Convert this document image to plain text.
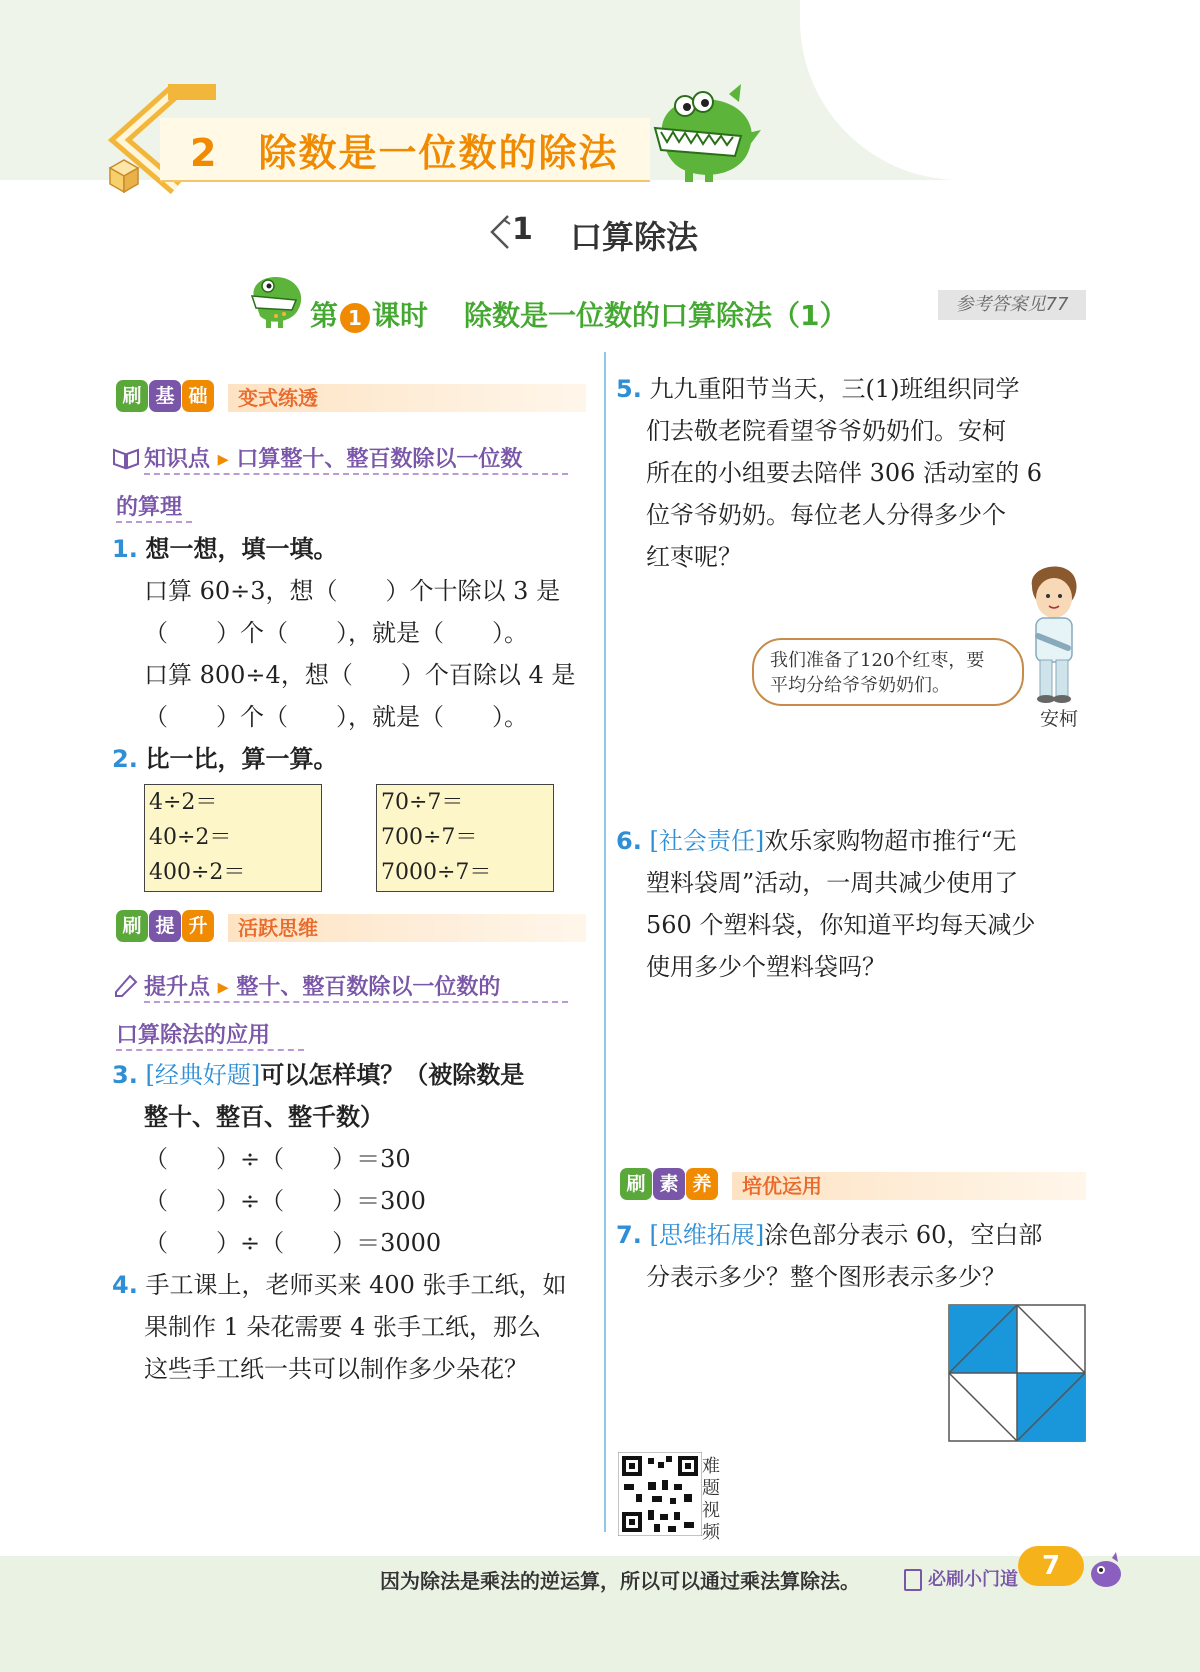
2 除数是一位数的除法
1 口算除法
第 1 课时 除数是一位数的口算除法（1）	参考答案见77
刷 基 础	变式练透
知识点 ▸ 口算整十、整百数除以一位数
的算理
1. 想一想，填一填。
口算 60÷3，想（　　）个十除以 3 是
（　　）个（　　），就是（　　）。
口算 800÷4，想（　　）个百除以 4 是
（　　）个（　　），就是（　　）。
2. 比一比，算一算。
4÷2＝
40÷2＝
400÷2＝
70÷7＝
700÷7＝
7000÷7＝
刷 提 升	活跃思维
提升点 ▸ 整十、整百数除以一位数的
口算除法的应用
3. [经典好题]可以怎样填？（被除数是
整十、整百、整千数）
（　　）÷（　　）＝30
（　　）÷（　　）＝300
（　　）÷（　　）＝3000
4. 手工课上，老师买来 400 张手工纸，如
果制作 1 朵花需要 4 张手工纸，那么
这些手工纸一共可以制作多少朵花？
5. 九九重阳节当天，三(1)班组织同学
们去敬老院看望爷爷奶奶们。安柯
所在的小组要去陪伴 306 活动室的 6
位爷爷奶奶。每位老人分得多少个
红枣呢？
我们准备了120个红枣，要
平均分给爷爷奶奶们。
安柯
6. [社会责任]欢乐家购物超市推行“无
塑料袋周”活动，一周共减少使用了
560 个塑料袋，你知道平均每天减少
使用多少个塑料袋吗？
刷 素 养	培优运用
7. [思维拓展]涂色部分表示 60，空白部
分表示多少？整个图形表示多少？
难题视频
因为除法是乘法的逆运算，所以可以通过乘法算除法。	必刷小门道 7
